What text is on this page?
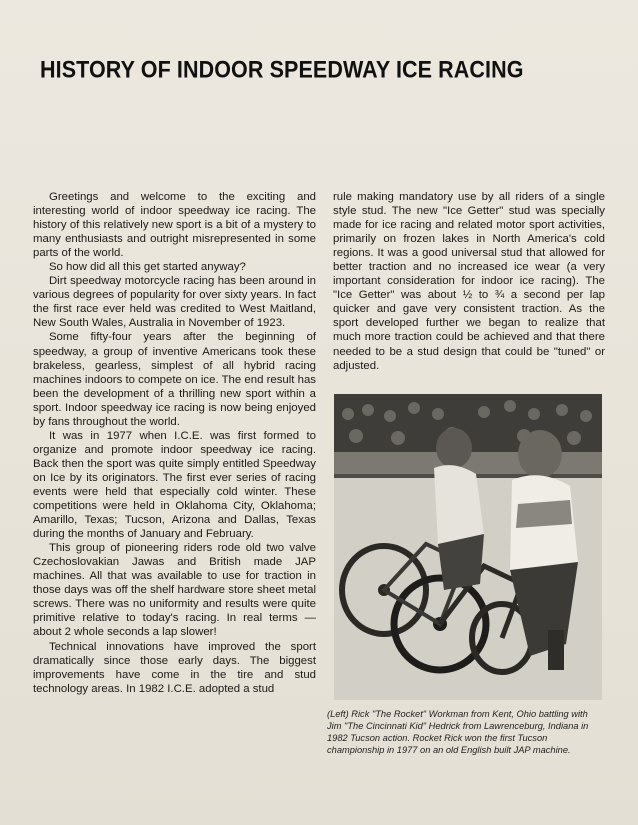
HISTORY OF INDOOR SPEEDWAY ICE RACING

Greetings and welcome to the exciting and interesting world of indoor speedway ice racing. The history of this relatively new sport is a bit of a mystery to many enthusiasts and outright misrepresented in some parts of the world.

So how did all this get started anyway?

Dirt speedway motorcycle racing has been around in various degrees of popularity for over sixty years. In fact the first race ever held was credited to West Maitland, New South Wales, Australia in November of 1923.

Some fifty-four years after the beginning of speedway, a group of inventive Americans took these brakeless, gearless, simplest of all hybrid racing machines indoors to compete on ice. The end result has been the development of a thrilling new sport within a sport. Indoor speedway ice racing is now being enjoyed by fans throughout the world.

It was in 1977 when I.C.E. was first formed to organize and promote indoor speedway ice racing. Back then the sport was quite simply entitled Speedway on Ice by its originators. The first ever series of racing events were held that especially cold winter. These competitions were held in Oklahoma City, Oklahoma; Amarillo, Texas; Tucson, Arizona and Dallas, Texas during the months of January and February.

This group of pioneering riders rode old two valve Czechoslovakian Jawas and British made JAP machines. All that was available to use for traction in those days was off the shelf hardware store sheet metal screws. There was no uniformity and results were quite primitive relative to today's racing. In real terms — about 2 whole seconds a lap slower!

Technical innovations have improved the sport dramatically since those early days. The biggest improvements have come in the tire and stud technology areas. In 1982 I.C.E. adopted a stud

rule making mandatory use by all riders of a single style stud. The new "Ice Getter" stud was specially made for ice racing and related motor sport activities, primarily on frozen lakes in North America's cold regions. It was a good universal stud that allowed for better traction and no increased ice wear (a very important consideration for indoor ice racing). The "Ice Getter" was about ½ to ¾ a second per lap quicker and gave very consistent traction. As the sport developed further we began to realize that much more traction could be achieved and that there needed to be a stud design that could be "tuned" or adjusted.

(Left) Rick "The Rocket" Workman from Kent, Ohio battling with Jim "The Cincinnati Kid" Hedrick from Lawrenceburg, Indiana in 1982 Tucson action. Rocket Rick won the first Tucson championship in 1977 on an old English built JAP machine.
